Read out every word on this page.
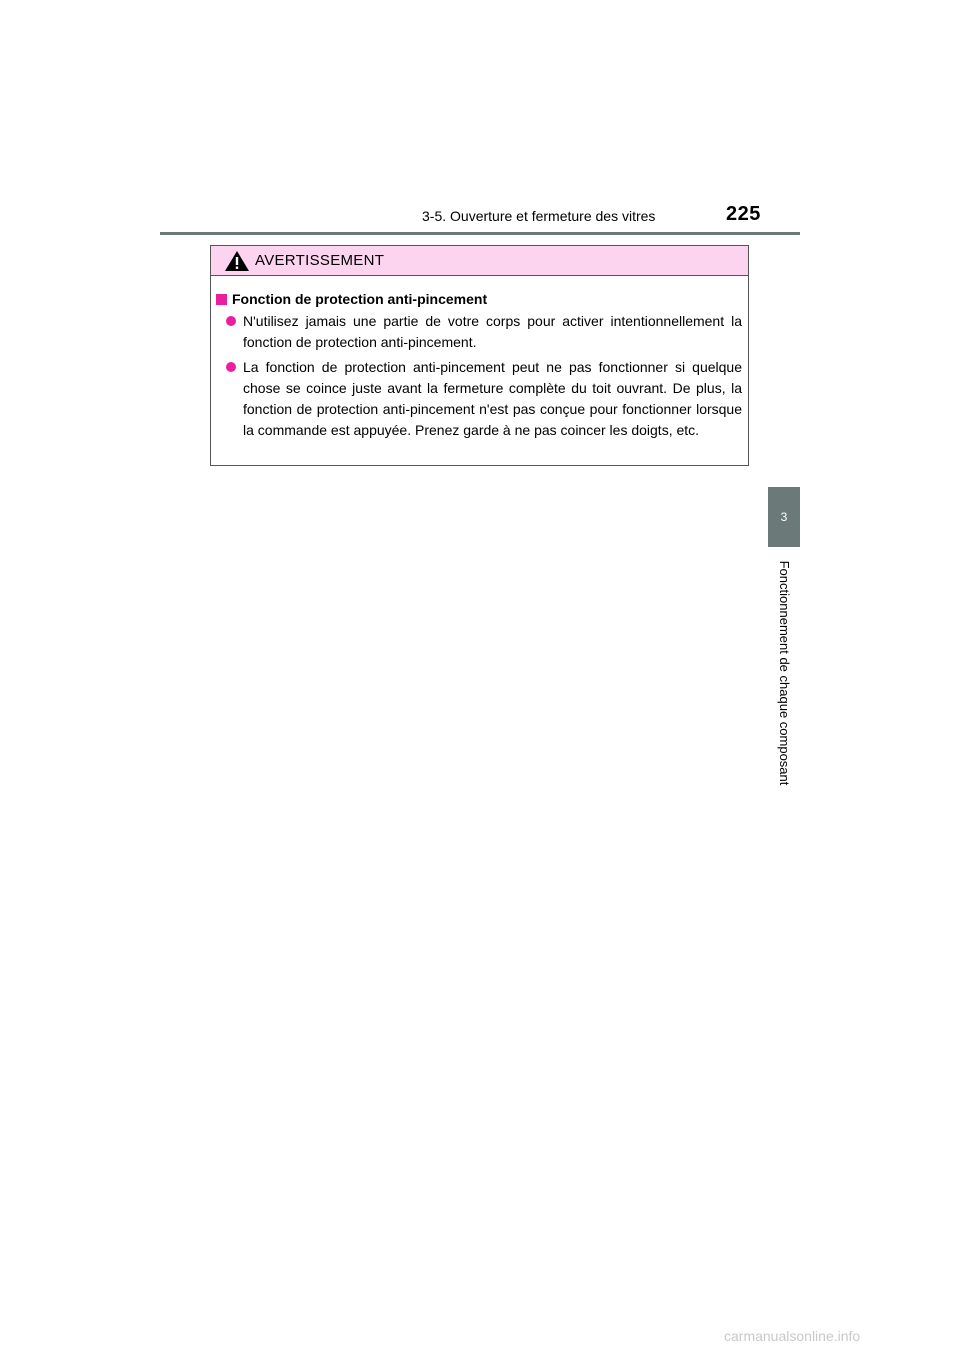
3-5. Ouverture et fermeture des vitres	225
3
Fonctionnement de chaque composant
AVERTISSEMENT
Fonction de protection anti-pincement
N'utilisez jamais une partie de votre corps pour activer intentionnellement la fonction de protection anti-pincement.
La fonction de protection anti-pincement peut ne pas fonctionner si quelque chose se coince juste avant la fermeture complète du toit ouvrant. De plus, la fonction de protection anti-pincement n'est pas conçue pour fonctionner lorsque la commande est appuyée. Prenez garde à ne pas coincer les doigts, etc.
carmanualsonline.info
